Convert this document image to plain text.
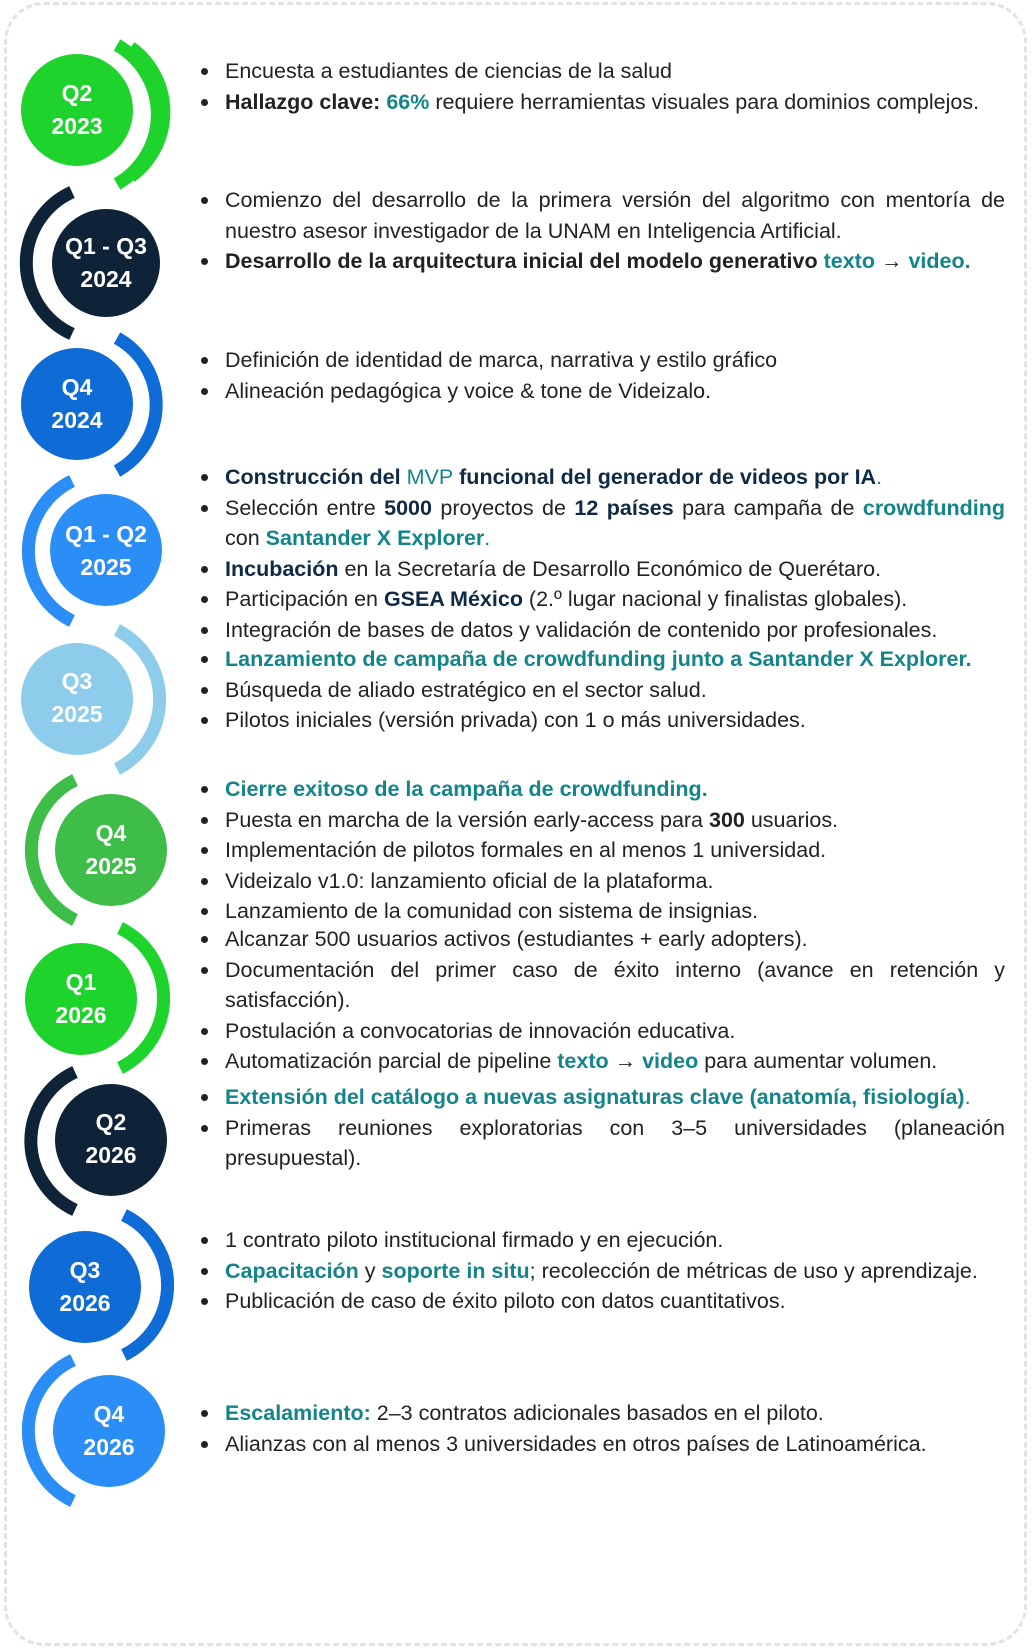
Q2
2023
Encuesta a estudiantes de ciencias de la salud
Hallazgo clave: 66% requiere herramientas visuales para dominios complejos.
Q1 - Q3
2024
Comienzo del desarrollo de la primera versión del algoritmo con mentoría de nuestro asesor investigador de la UNAM en Inteligencia Artificial.
Desarrollo de la arquitectura inicial del modelo generativo texto → video.
Q4
2024
Definición de identidad de marca, narrativa y estilo gráfico
Alineación pedagógica y voice & tone de Videizalo.
Q1 - Q2
2025
Construcción del MVP funcional del generador de videos por IA.
Selección entre 5000 proyectos de 12 países para campaña de crowdfunding con Santander X Explorer.
Incubación en la Secretaría de Desarrollo Económico de Querétaro.
Participación en GSEA México (2.º lugar nacional y finalistas globales).
Integración de bases de datos y validación de contenido por profesionales.
Q3
2025
Lanzamiento de campaña de crowdfunding junto a Santander X Explorer.
Búsqueda de aliado estratégico en el sector salud.
Pilotos iniciales (versión privada) con 1 o más universidades.
Q4
2025
Cierre exitoso de la campaña de crowdfunding.
Puesta en marcha de la versión early-access para 300 usuarios.
Implementación de pilotos formales en al menos 1 universidad.
Videizalo v1.0: lanzamiento oficial de la plataforma.
Lanzamiento de la comunidad con sistema de insignias.
Q1
2026
Alcanzar 500 usuarios activos (estudiantes + early adopters).
Documentación del primer caso de éxito interno (avance en retención y satisfacción).
Postulación a convocatorias de innovación educativa.
Automatización parcial de pipeline texto → video para aumentar volumen.
Q2
2026
Extensión del catálogo a nuevas asignaturas clave (anatomía, fisiología).
Primeras reuniones exploratorias con 3–5 universidades (planeación presupuestal).
Q3
2026
1 contrato piloto institucional firmado y en ejecución.
Capacitación y soporte in situ; recolección de métricas de uso y aprendizaje.
Publicación de caso de éxito piloto con datos cuantitativos.
Q4
2026
Escalamiento: 2–3 contratos adicionales basados en el piloto.
Alianzas con al menos 3 universidades en otros países de Latinoamérica.
